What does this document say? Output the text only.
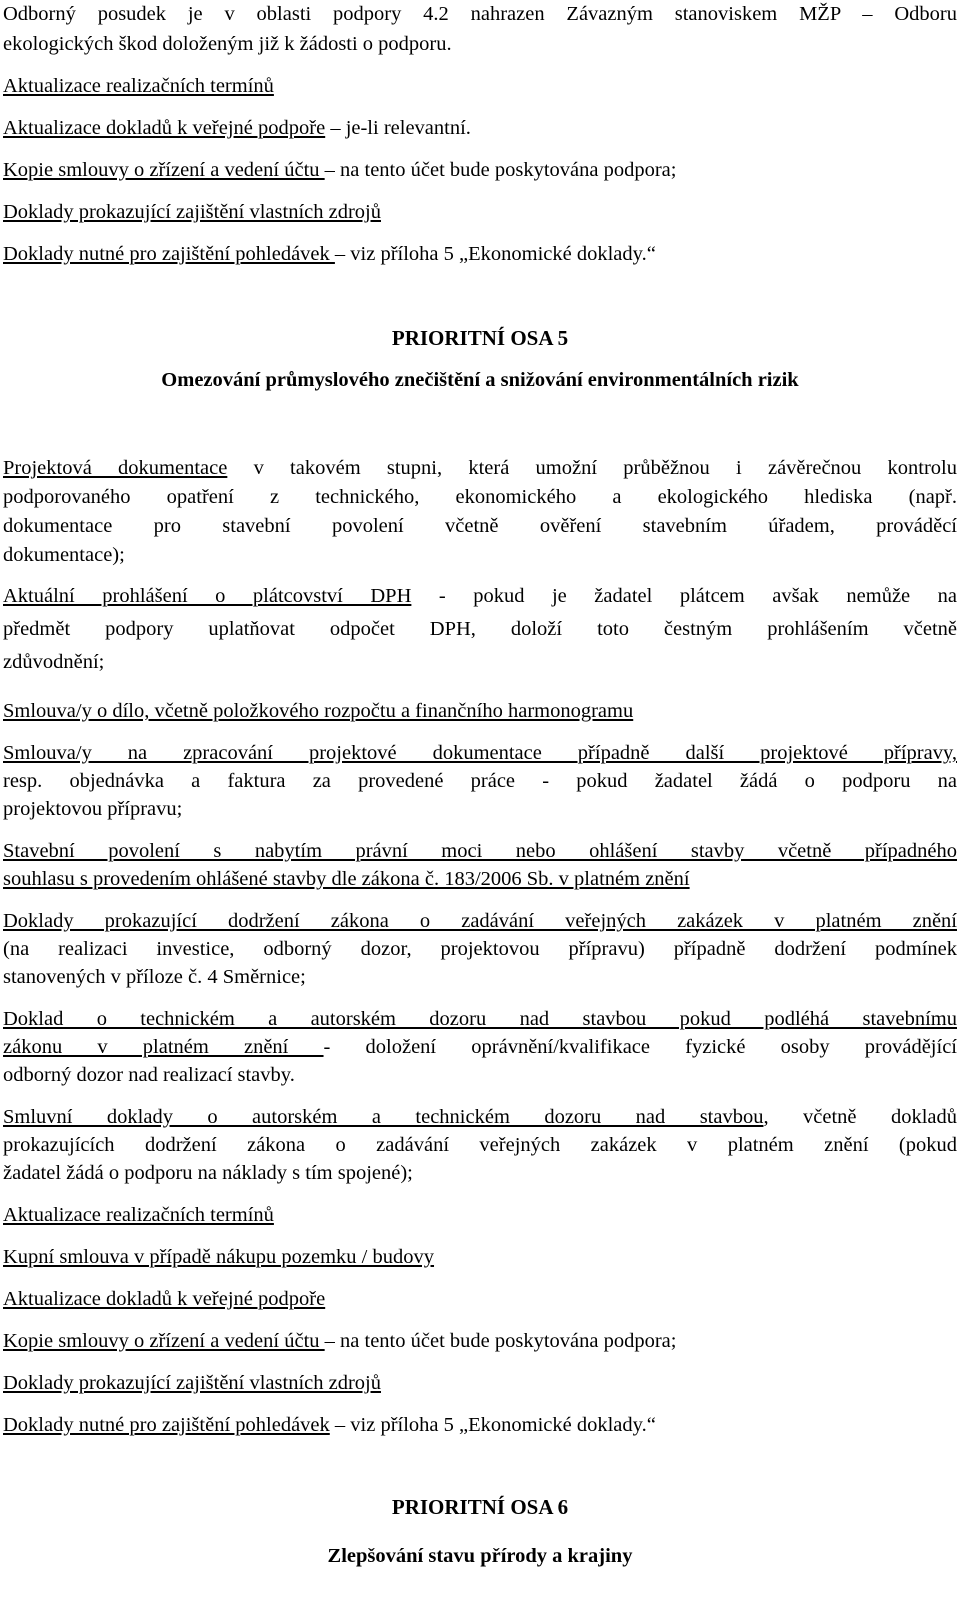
Odborný posudek je v oblasti podpory 4.2 nahrazen Závazným stanoviskem MŽP – Odboru
ekologických škod doloženým již k žádosti o podporu.
Aktualizace realizačních termínů
Aktualizace dokladů k veřejné podpoře – je-li relevantní.
Kopie smlouvy o zřízení a vedení účtu – na tento účet bude poskytována podpora;
Doklady prokazující zajištění vlastních zdrojů
Doklady nutné pro zajištění pohledávek – viz příloha 5 „Ekonomické doklady.“
PRIORITNÍ OSA 5
Omezování průmyslového znečištění a snižování environmentálních rizik
Projektová dokumentace v takovém stupni, která umožní průběžnou i závěrečnou kontrolu
podporovaného opatření z technického, ekonomického a ekologického hlediska (např.
dokumentace pro stavební povolení včetně ověření stavebním úřadem, prováděcí
dokumentace);
Aktuální prohlášení o plátcovství DPH - pokud je žadatel plátcem avšak nemůže na
předmět podpory uplatňovat odpočet DPH, doloží toto čestným prohlášením včetně
zdůvodnění;
Smlouva/y o dílo, včetně položkového rozpočtu a finančního harmonogramu
Smlouva/y na zpracování projektové dokumentace případně další projektové přípravy,
resp. objednávka a faktura za provedené práce - pokud žadatel žádá o podporu na
projektovou přípravu;
Stavební povolení s nabytím právní moci nebo ohlášení stavby včetně případného
souhlasu s provedením ohlášené stavby dle zákona č. 183/2006 Sb. v platném znění
Doklady prokazující dodržení zákona o zadávání veřejných zakázek v platném znění
(na realizaci investice, odborný dozor, projektovou přípravu) případně dodržení podmínek
stanovených v příloze č. 4 Směrnice;
Doklad o technickém a autorském dozoru nad stavbou pokud podléhá stavebnímu
zákonu v platném znění - doložení oprávnění/kvalifikace fyzické osoby provádějící
odborný dozor nad realizací stavby.
Smluvní doklady o autorském a technickém dozoru nad stavbou, včetně dokladů
prokazujících dodržení zákona o zadávání veřejných zakázek v platném znění (pokud
žadatel žádá o podporu na náklady s tím spojené);
Aktualizace realizačních termínů
Kupní smlouva v případě nákupu pozemku / budovy
Aktualizace dokladů k veřejné podpoře
Kopie smlouvy o zřízení a vedení účtu – na tento účet bude poskytována podpora;
Doklady prokazující zajištění vlastních zdrojů
Doklady nutné pro zajištění pohledávek – viz příloha 5 „Ekonomické doklady.“
PRIORITNÍ OSA 6
Zlepšování stavu přírody a krajiny
